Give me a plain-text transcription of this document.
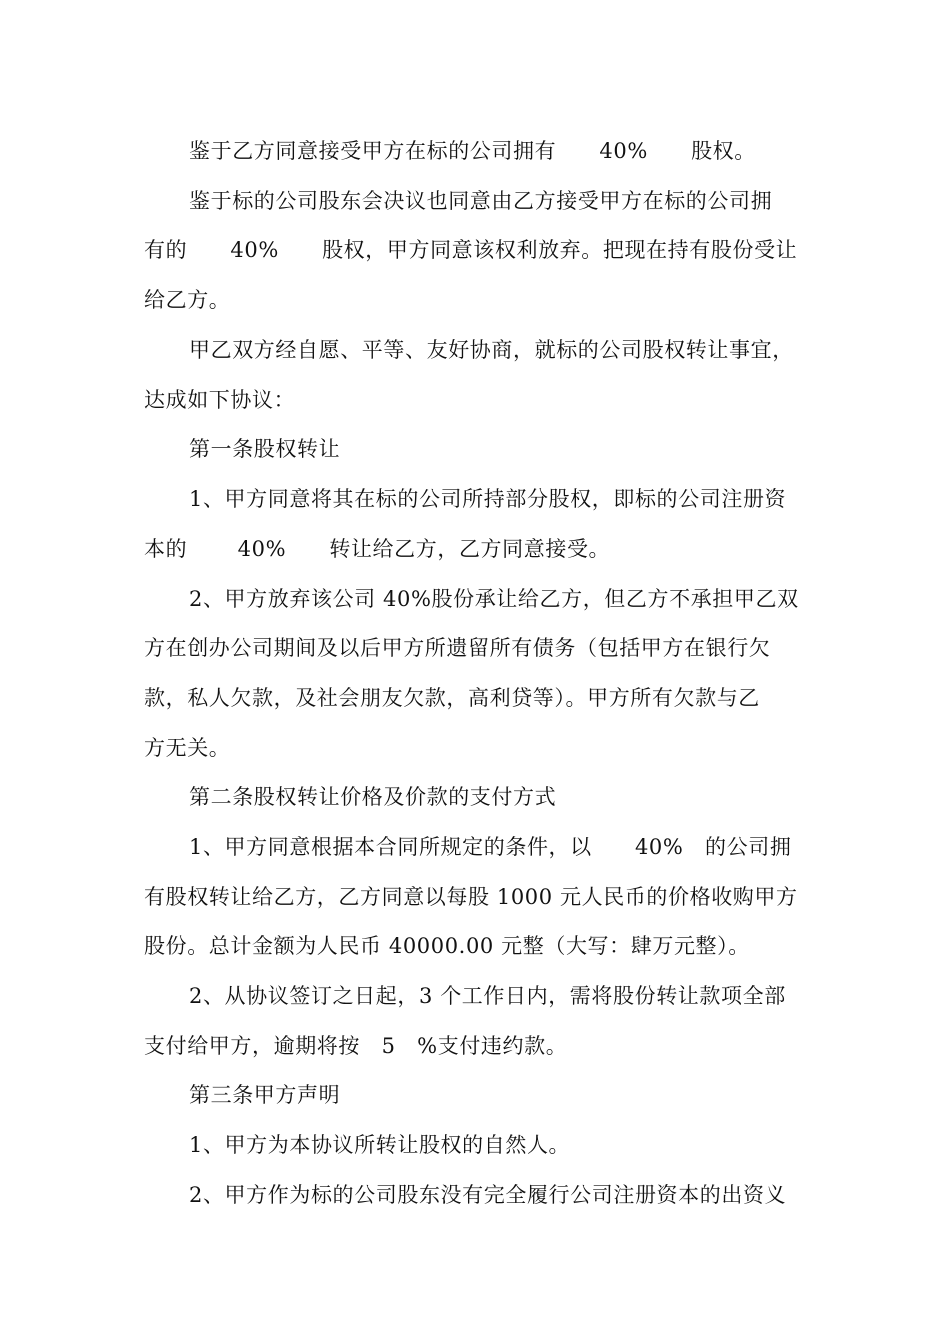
鉴于乙方同意接受甲方在标的公司拥有　　40%　　股权。
鉴于标的公司股东会决议也同意由乙方接受甲方在标的公司拥
有的　　40%　　股权，甲方同意该权利放弃。把现在持有股份受让
给乙方。
甲乙双方经自愿、平等、友好协商，就标的公司股权转让事宜，
达成如下协议：
第一条股权转让
1、甲方同意将其在标的公司所持部分股权，即标的公司注册资
本的　　 40%　　转让给乙方，乙方同意接受。
2、甲方放弃该公司 40%股份承让给乙方，但乙方不承担甲乙双
方在创办公司期间及以后甲方所遗留所有债务（包括甲方在银行欠
款，私人欠款，及社会朋友欠款，高利贷等）。甲方所有欠款与乙
方无关。
第二条股权转让价格及价款的支付方式
1、甲方同意根据本合同所规定的条件，以　　40%　的公司拥
有股权转让给乙方，乙方同意以每股 1000 元人民币的价格收购甲方
股份。总计金额为人民币 40000.00 元整（大写：肆万元整）。
2、从协议签订之日起，3 个工作日内，需将股份转让款项全部
支付给甲方，逾期将按　5　%支付违约款。
第三条甲方声明
1、甲方为本协议所转让股权的自然人。
2、甲方作为标的公司股东没有完全履行公司注册资本的出资义
